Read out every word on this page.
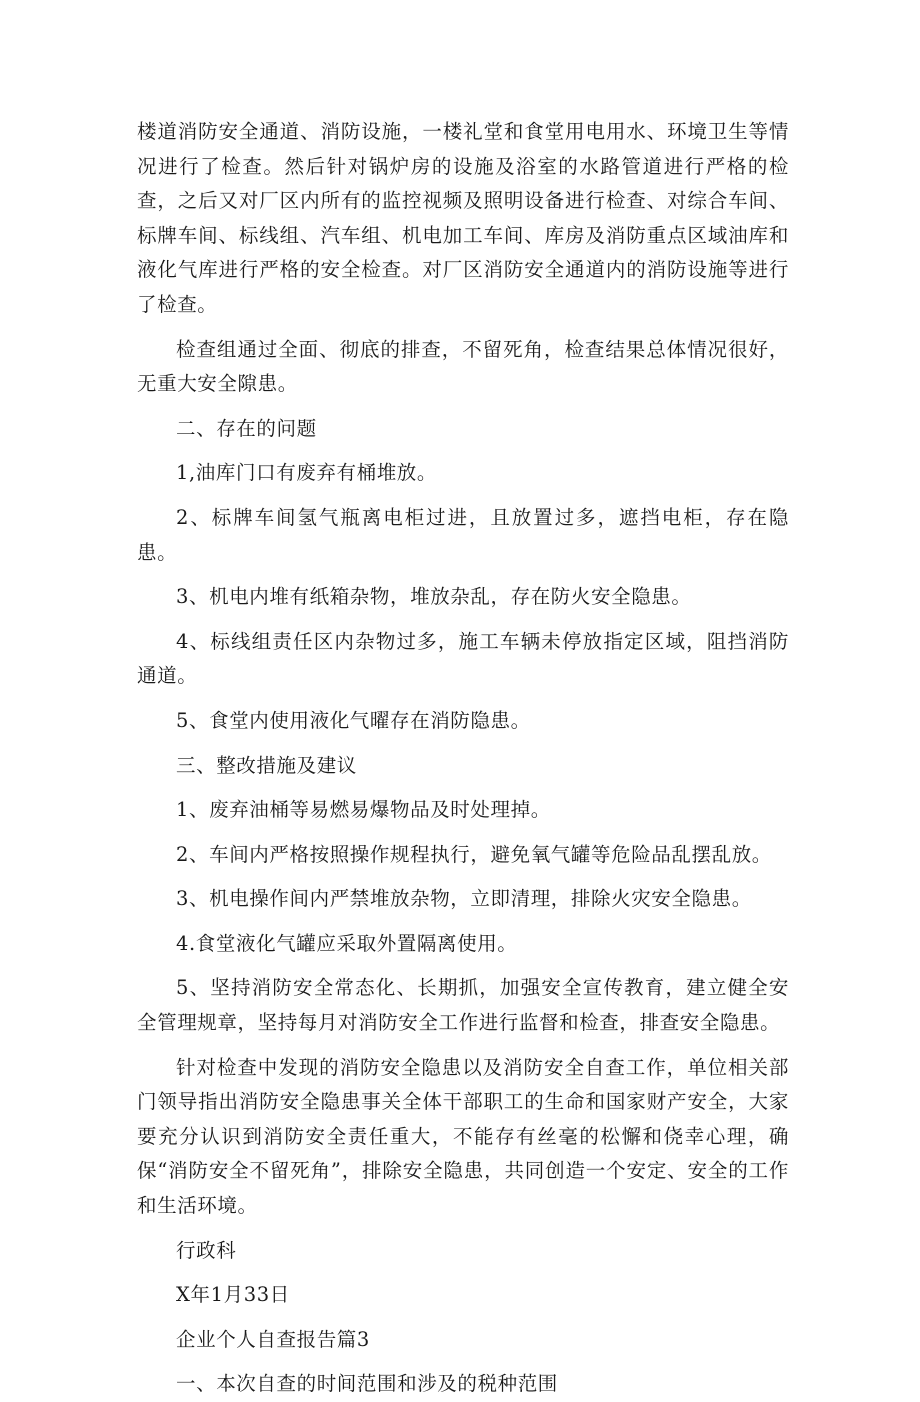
楼道消防安全通道、消防设施，一楼礼堂和食堂用电用水、环境卫生等情况进行了检查。然后针对锅炉房的设施及浴室的水路管道进行严格的检查，之后又对厂区内所有的监控视频及照明设备进行检查、对综合车间、标牌车间、标线组、汽车组、机电加工车间、库房及消防重点区域油库和液化气库进行严格的安全检查。对厂区消防安全通道内的消防设施等进行了检查。

检查组通过全面、彻底的排查，不留死角，检查结果总体情况很好，无重大安全隙患。

二、存在的问题

1,油库门口有废弃有桶堆放。

2、标牌车间氢气瓶离电柜过进，且放置过多，遮挡电柜，存在隐患。

3、机电内堆有纸箱杂物，堆放杂乱，存在防火安全隐患。

4、标线组责任区内杂物过多，施工车辆未停放指定区域，阻挡消防通道。

5、食堂内使用液化气曜存在消防隐患。

三、整改措施及建议

1、废弃油桶等易燃易爆物品及时处理掉。

2、车间内严格按照操作规程执行，避免氧气罐等危险品乱摆乱放。

3、机电操作间内严禁堆放杂物，立即清理，排除火灾安全隐患。

4.食堂液化气罐应采取外置隔离使用。

5、坚持消防安全常态化、长期抓，加强安全宣传教育，建立健全安全管理规章，坚持每月对消防安全工作进行监督和检查，排查安全隐患。

针对检查中发现的消防安全隐患以及消防安全自查工作，单位相关部门领导指出消防安全隐患事关全体干部职工的生命和国家财产安全，大家要充分认识到消防安全责任重大，不能存有丝毫的松懈和侥幸心理，确保“消防安全不留死角”，排除安全隐患，共同创造一个安定、安全的工作和生活环境。

行政科

X年1月33日

企业个人自查报告篇3

一、本次自查的时间范围和涉及的税种范围
